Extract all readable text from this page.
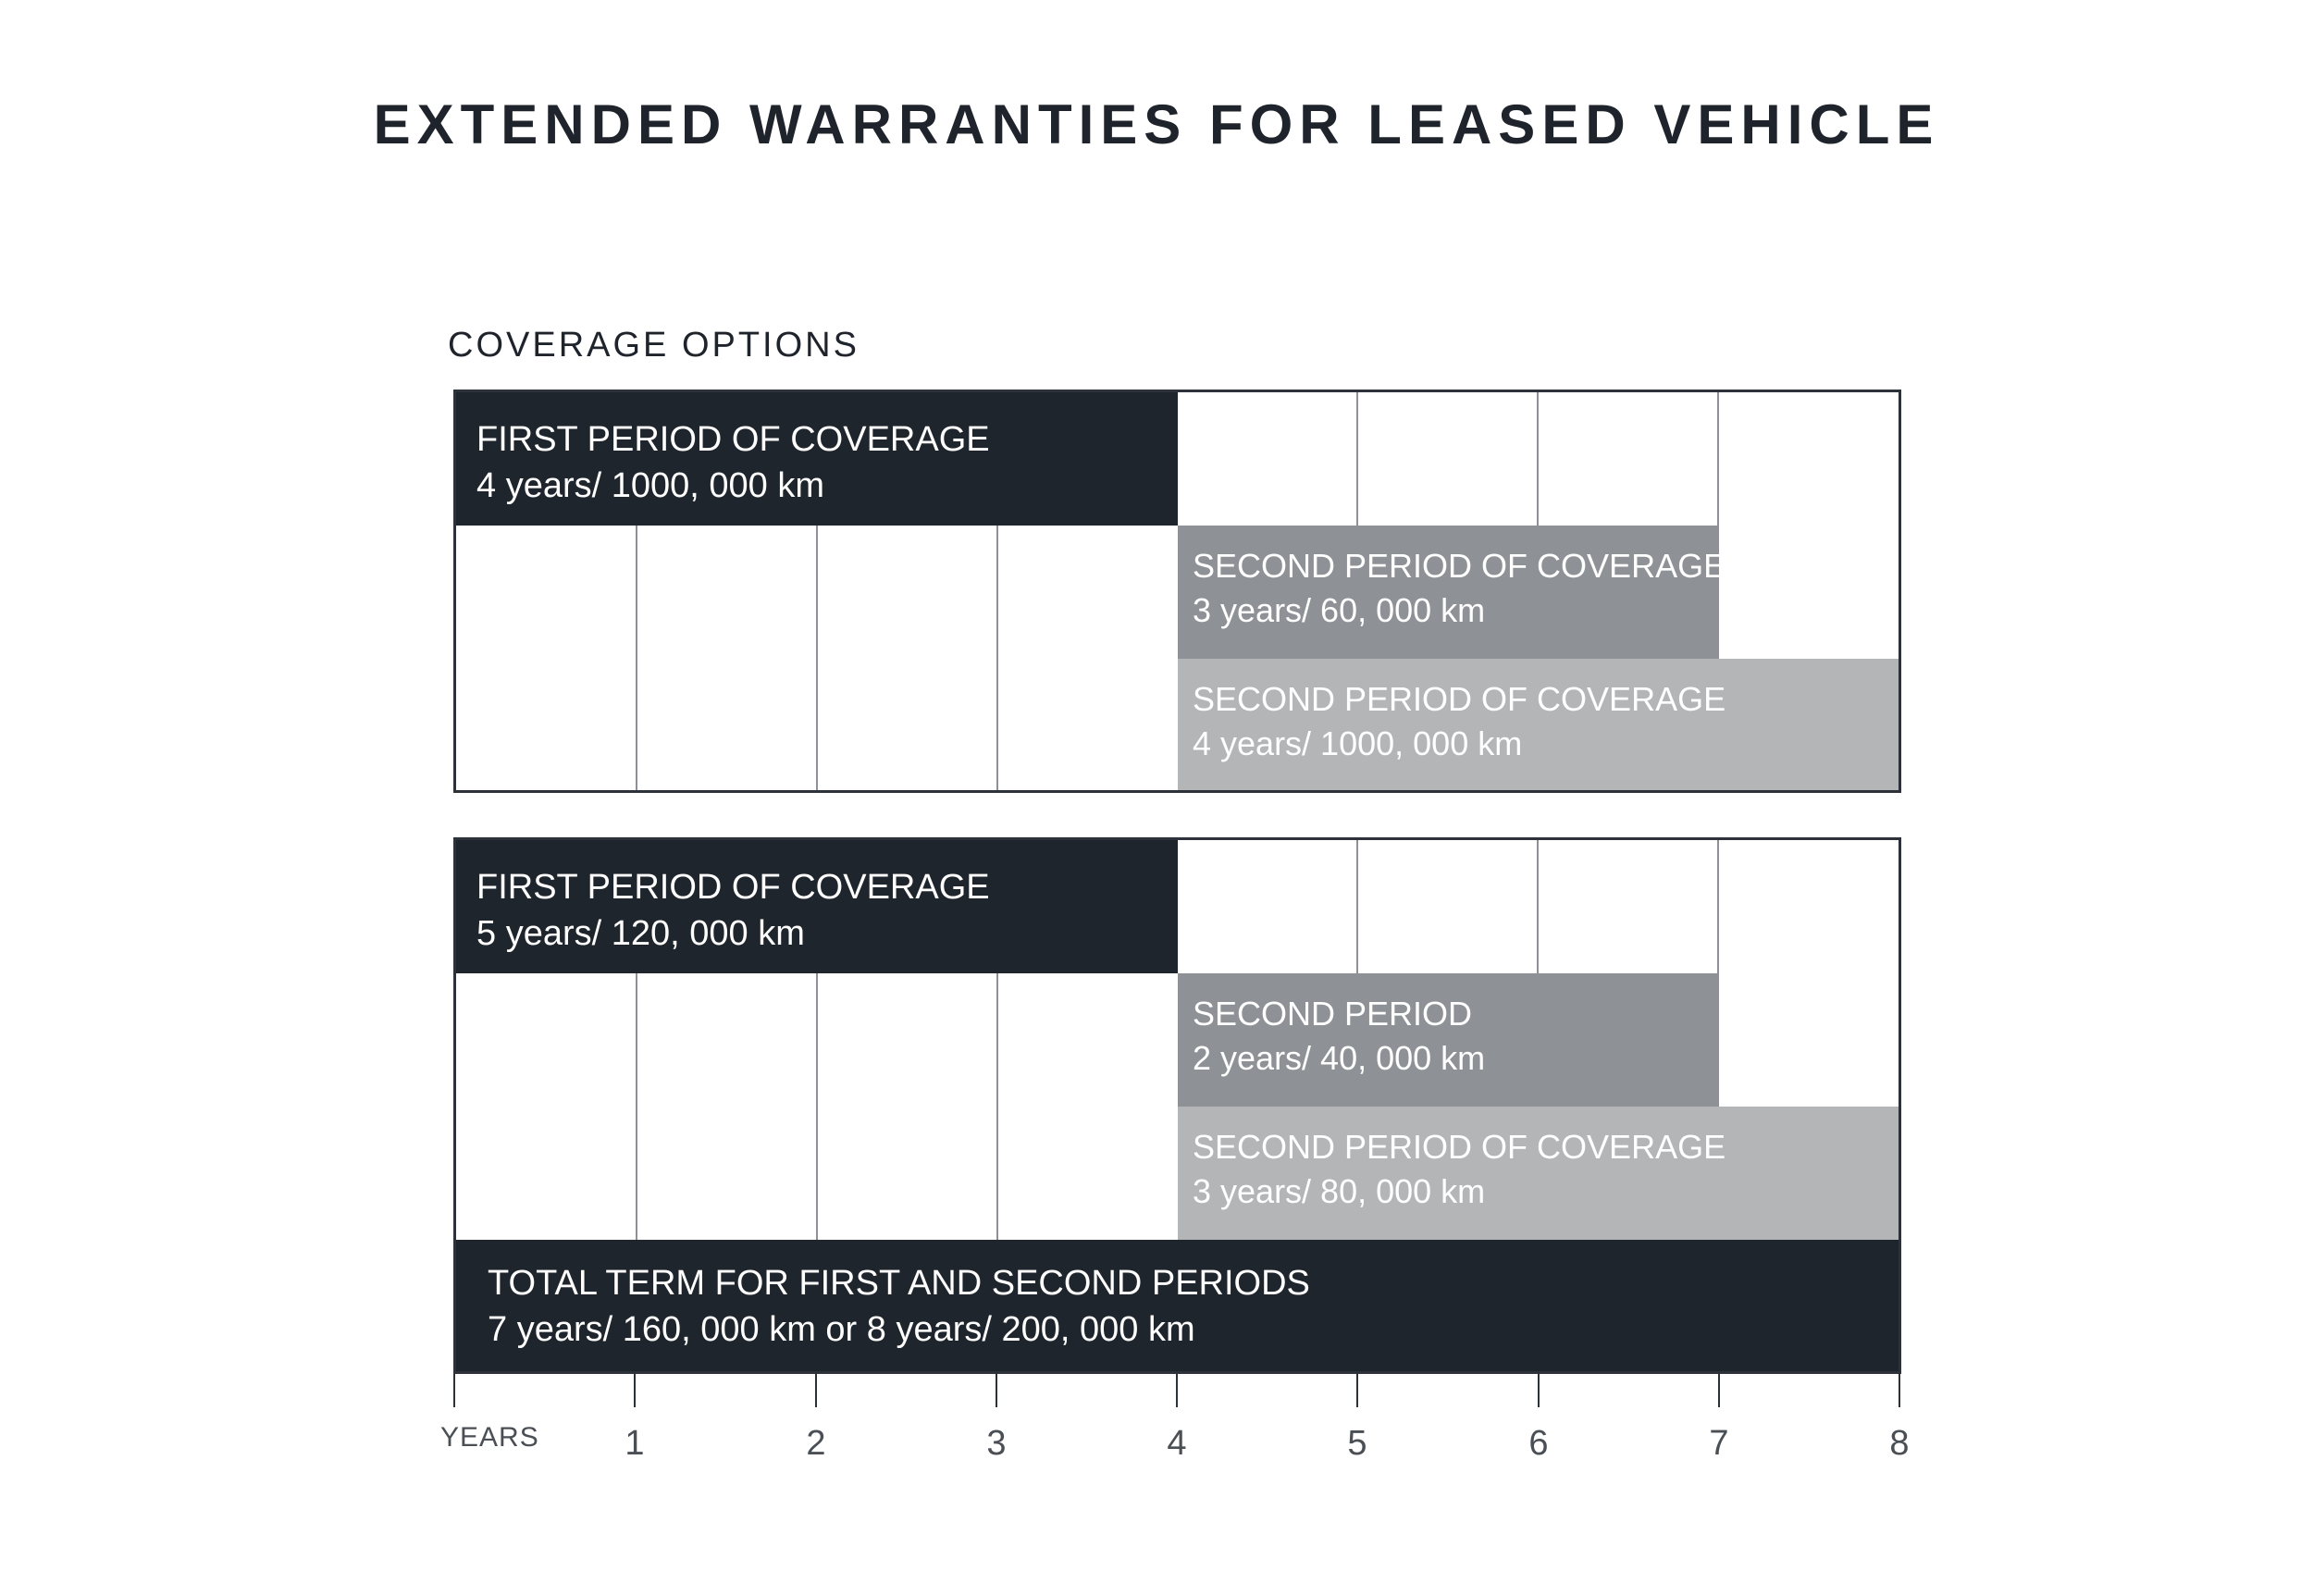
EXTENDED WARRANTIES FOR LEASED VEHICLE
COVERAGE OPTIONS
FIRST PERIOD OF COVERAGE
4 years/ 1000, 000 km
SECOND PERIOD OF COVERAGE
3 years/ 60, 000 km
SECOND PERIOD OF COVERAGE
4 years/ 1000, 000 km
FIRST PERIOD OF COVERAGE
5 years/ 120, 000 km
SECOND PERIOD
2 years/ 40, 000 km
SECOND PERIOD OF COVERAGE
3 years/ 80, 000 km
TOTAL TERM FOR FIRST AND SECOND PERIODS
7 years/ 160, 000 km or 8 years/ 200, 000 km
YEARS 1	2	3	4	5	6	7	8
